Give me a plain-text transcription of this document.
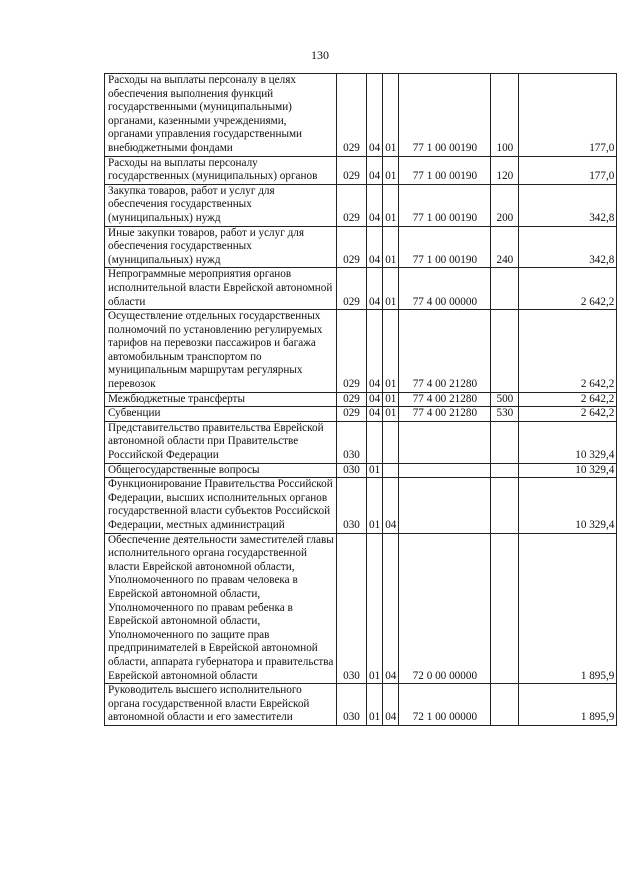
130
Расходы на выплаты персоналу в целях обеспечения выполнения функций государственными (муниципальными) органами, казенными учреждениями, органами управления государственными внебюджетными фондами	029	04	01	77 1 00 00190	100	177,0
Расходы на выплаты персоналу государственных (муниципальных) органов	029	04	01	77 1 00 00190	120	177,0
Закупка товаров, работ и услуг для обеспечения государственных (муниципальных) нужд	029	04	01	77 1 00 00190	200	342,8
Иные закупки товаров, работ и услуг для обеспечения государственных (муниципальных) нужд	029	04	01	77 1 00 00190	240	342,8
Непрограммные мероприятия органов исполнительной власти Еврейской автономной области	029	04	01	77 4 00 00000		2 642,2
Осуществление отдельных государственных полномочий по установлению регулируемых тарифов на перевозки пассажиров и багажа автомобильным транспортом по муниципальным маршрутам регулярных перевозок	029	04	01	77 4 00 21280		2 642,2
Межбюджетные трансферты	029	04	01	77 4 00 21280	500	2 642,2
Субвенции	029	04	01	77 4 00 21280	530	2 642,2
Представительство правительства Еврейской автономной области при Правительстве Российской Федерации	030					10 329,4
Общегосударственные вопросы	030	01				10 329,4
Функционирование Правительства Российской Федерации, высших исполнительных органов государственной власти субъектов Российской Федерации, местных администраций	030	01	04			10 329,4
Обеспечение деятельности заместителей главы исполнительного органа государственной власти Еврейской автономной области, Уполномоченного по правам человека в Еврейской автономной области, Уполномоченного по правам ребенка в Еврейской автономной области, Уполномоченного по защите прав предпринимателей в Еврейской автономной области, аппарата губернатора и правительства Еврейской автономной области	030	01	04	72 0 00 00000		1 895,9
Руководитель высшего исполнительного органа государственной власти Еврейской автономной области и его заместители	030	01	04	72 1 00 00000		1 895,9
